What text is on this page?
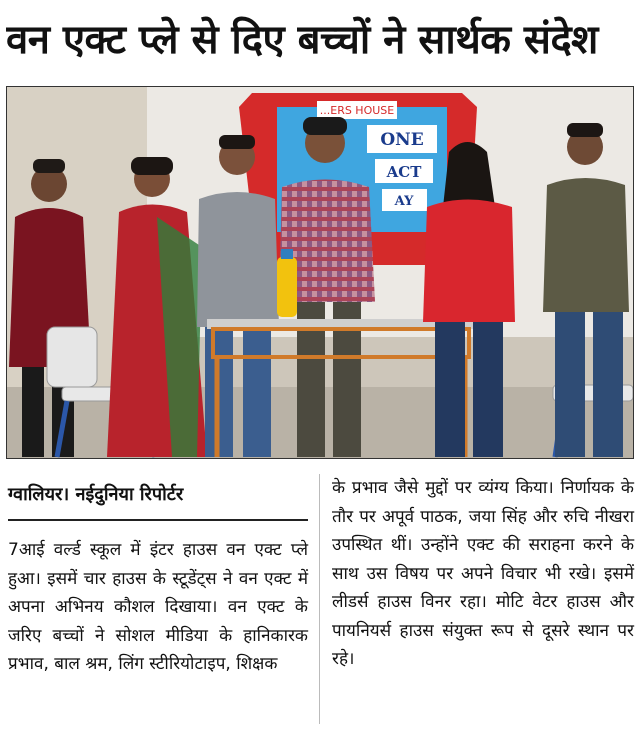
वन एक्ट प्ले से दिए बच्चों ने सार्थक संदेश
...ERS HOUSE
ONE
ACT
AY
ग्वालियर। नईदुनिया रिपोर्टर
7आई वर्ल्ड स्कूल में इंटर हाउस वन एक्ट प्ले हुआ। इसमें चार हाउस के स्टूडेंट्स ने वन एक्ट में अपना अभिनय कौशल दिखाया। वन एक्ट के जरिए बच्चों ने सोशल मीडिया के हानिकारक प्रभाव, बाल श्रम, लिंग स्टीरियोटाइप, शिक्षक
के प्रभाव जैसे मुद्दों पर व्यंग्य किया। निर्णायक के तौर पर अपूर्व पाठक, जया सिंह और रुचि नीखरा उपस्थित थीं। उन्होंने एक्ट की सराहना करने के साथ उस विषय पर अपने विचार भी रखे। इसमें लीडर्स हाउस विनर रहा। मोटि वेटर हाउस और पायनियर्स हाउस संयुक्त रूप से दूसरे स्थान पर रहे।
